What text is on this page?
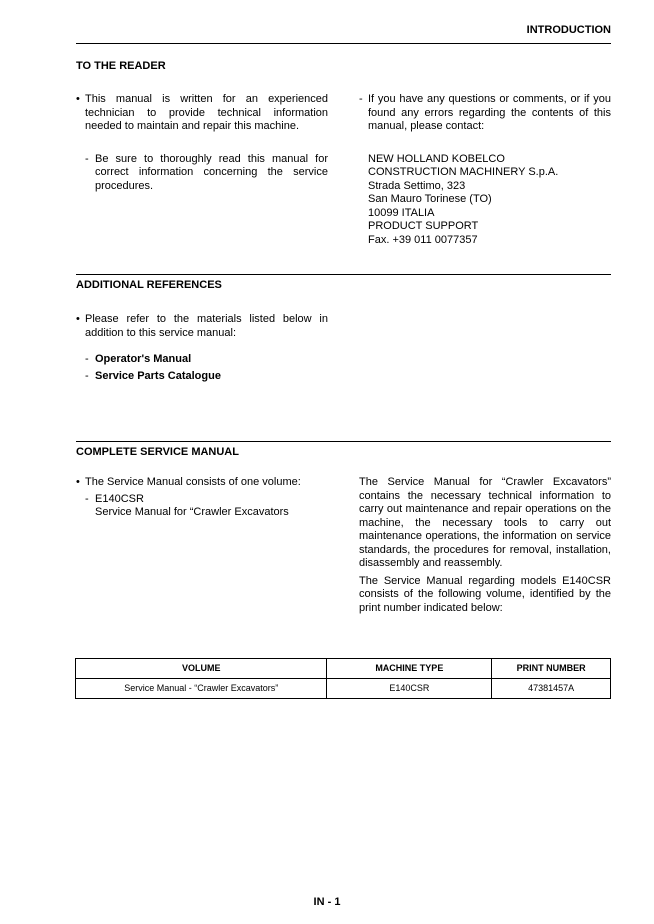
INTRODUCTION
TO THE READER
• This manual is written for an experienced technician to provide technical information needed to maintain and repair this machine.
- Be sure to thoroughly read this manual for correct information concerning the service procedures.
- If you have any questions or comments, or if you found any errors regarding the contents of this manual, please contact:
NEW HOLLAND KOBELCO
CONSTRUCTION MACHINERY S.p.A.
Strada Settimo, 323
San Mauro Torinese (TO)
10099 ITALIA
PRODUCT SUPPORT
Fax. +39 011 0077357
ADDITIONAL REFERENCES
• Please refer to the materials listed below in addition to this service manual:
- Operator's Manual
- Service Parts Catalogue
COMPLETE SERVICE MANUAL
• The Service Manual consists of one volume:
- E140CSR
Service Manual for “Crawler Excavators
The Service Manual for “Crawler Excavators” contains the necessary technical information to carry out maintenance and repair operations on the machine, the necessary tools to carry out maintenance operations, the information on service standards, the procedures for removal, installation, disassembly and reassembly.
The Service Manual regarding models E140CSR consists of the following volume, identified by the print number indicated below:
VOLUME	MACHINE TYPE	PRINT NUMBER
Service Manual - “Crawler Excavators”	E140CSR	47381457A
IN - 1
